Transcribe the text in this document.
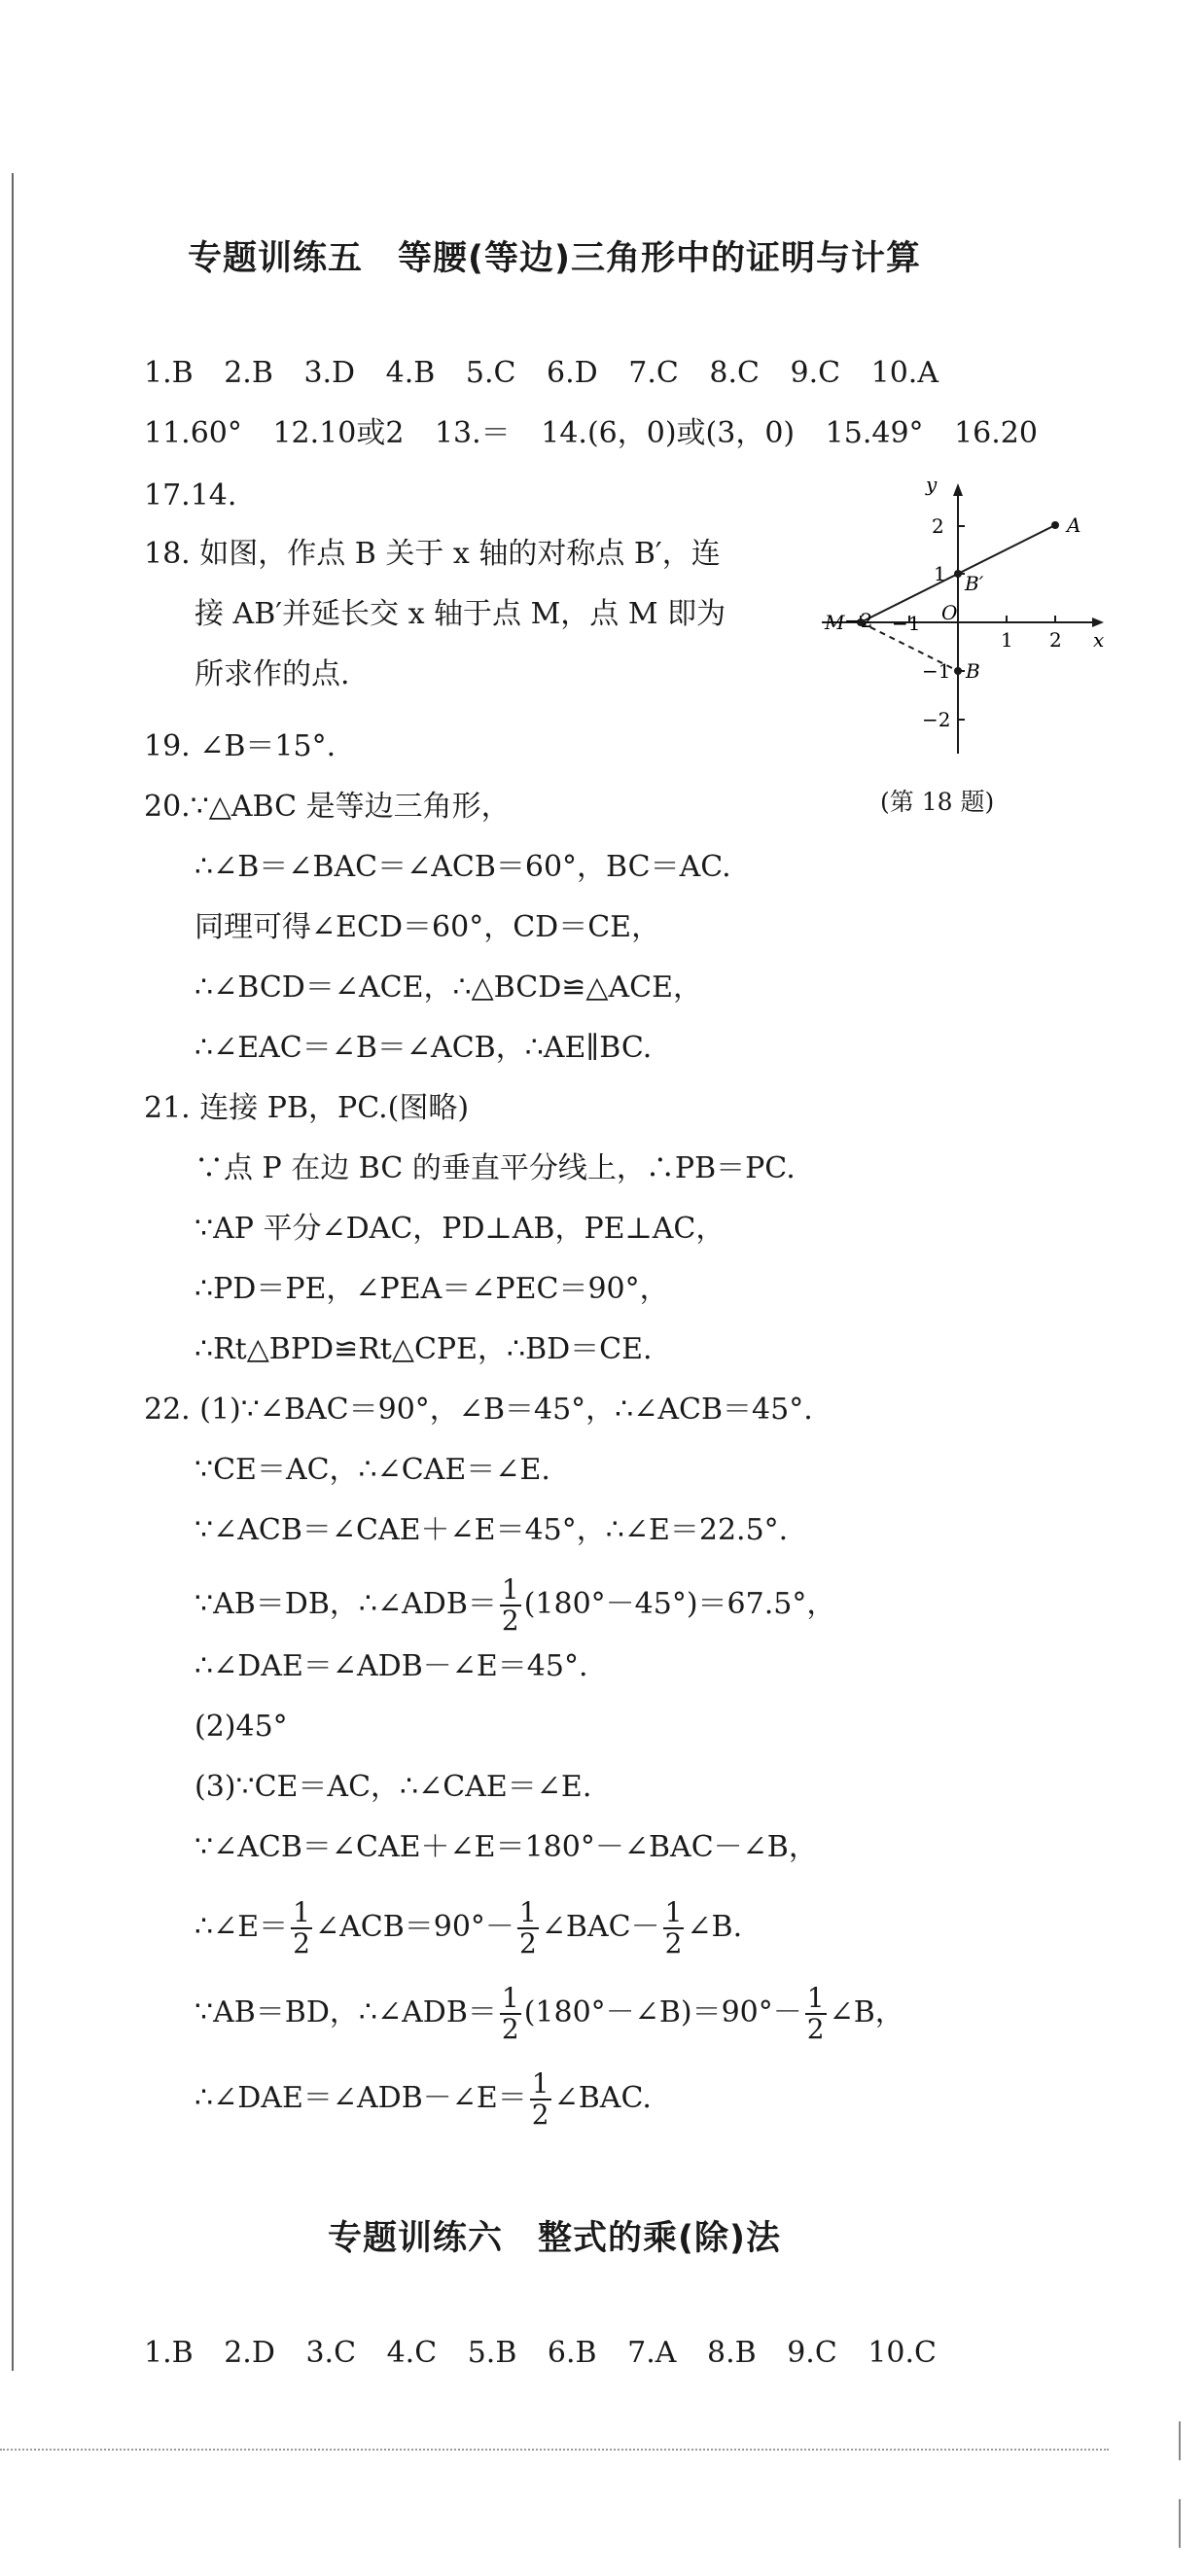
专题训练五　等腰(等边)三角形中的证明与计算
1.B 2.B 3.D 4.B 5.C 6.D 7.C 8.C 9.C 10.A
11.60° 12.10或2 13.＝ 14.(6，0)或(3，0) 15.49° 16.20
17.14.
18. 如图，作点 B 关于 x 轴的对称点 B′，连
接 AB′并延长交 x 轴于点 M，点 M 即为
所求作的点.
y
x
2
1
−1
−2
M −2 −1 O
1 2
A
B′
B
(第 18 题)
19. ∠B＝15°.
20.∵△ABC 是等边三角形，
∴∠B＝∠BAC＝∠ACB＝60°，BC＝AC.
同理可得∠ECD＝60°，CD＝CE，
∴∠BCD＝∠ACE，∴△BCD≌△ACE，
∴∠EAC＝∠B＝∠ACB，∴AE∥BC.
21. 连接 PB，PC.(图略)
∵点 P 在边 BC 的垂直平分线上，∴PB＝PC.
∵AP 平分∠DAC，PD⊥AB，PE⊥AC，
∴PD＝PE，∠PEA＝∠PEC＝90°，
∴Rt△BPD≌Rt△CPE，∴BD＝CE.
22. (1)∵∠BAC＝90°，∠B＝45°，∴∠ACB＝45°.
∵CE＝AC，∴∠CAE＝∠E.
∵∠ACB＝∠CAE＋∠E＝45°，∴∠E＝22.5°.
∵AB＝DB，∴∠ADB＝ $\frac{1}{2} (180^\circ-45^\circ)=67.5^\circ$，
∴∠DAE＝∠ADB－∠E＝45°.
(2)45°
(3)∵CE＝AC，∴∠CAE＝∠E.
∵∠ACB＝∠CAE＋∠E＝180°－∠BAC－∠B，
∴∠E＝ $\frac{1}{2}$ ∠ACB＝90°－ $\frac{1}{2}$ ∠BAC－ $\frac{1}{2}$ ∠B.
∵AB＝BD，∴∠ADB＝ $\frac{1}{2}$ (180°－∠B)＝90°－ $\frac{1}{2}$ ∠B，
∴∠DAE＝∠ADB－∠E＝ $\frac{1}{2}$ ∠BAC.
专题训练六　整式的乘(除)法
1.B 2.D 3.C 4.C 5.B 6.B 7.A 8.B 9.C 10.C
